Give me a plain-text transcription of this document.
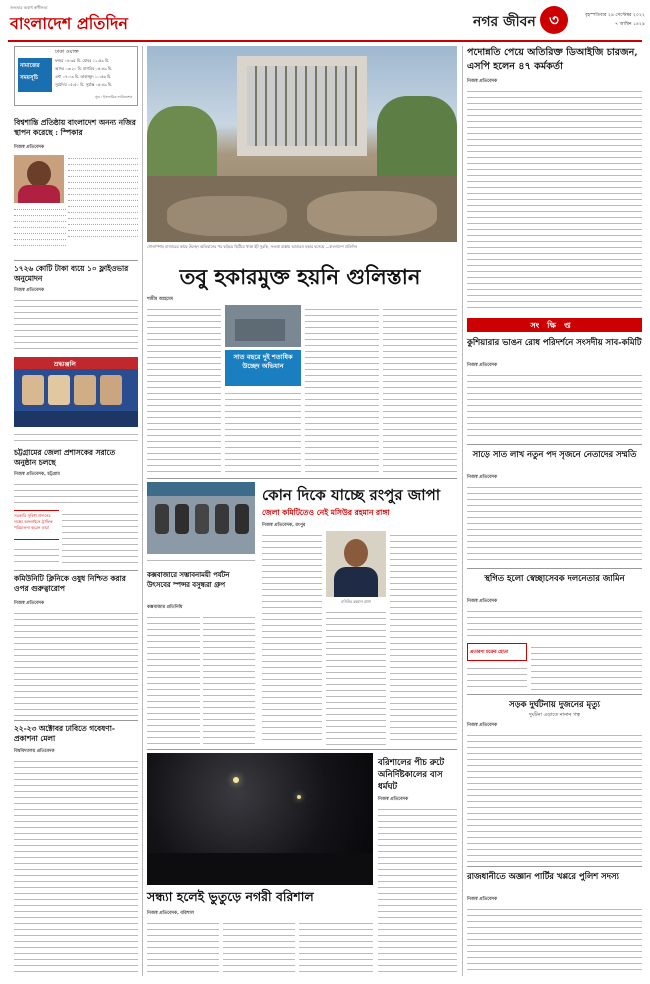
জনতার অবাধ স্বাধীনতা
বাংলাদেশ প্রতিদিন	নগর জীবন ৩	বৃহস্পতিবার ২৯ সেপ্টেম্বর ২০২২
৭ আশ্বিন ১৪২৯
ঢাকা ওয়াক্ত
নামাজের
সময়সূচি
ফজর ০৪:৩৫ মি. যোহর ১১:৫৯ মি.
আসর ০৩:২০ মি. মাগরিব ০৫:৪৯ মি.
এশা ০৭:০৩ মি. তাহাজ্জুদ ১০:৫৬ মি.
সূর্যোদয় ০৫:৫০ মি. সূর্যাস্ত ০৫:৪৯ মি.
সূত্র : ইসলামিক ফাউন্ডেশন
বিশ্বশান্তি প্রতিষ্ঠায় বাংলাদেশ অনন্য নজির স্থাপন করেছে : স্পিকার
নিজস্ব প্রতিবেদক
১৭২৬ কোটি টাকা ব্যয়ে ১০ ফ্লাইওভার অনুমোদন
নিজস্ব প্রতিবেদক
শ্রদ্ধাঞ্জলি
চট্টগ্রামের জেলা প্রশাসকের সরাতে অনুষ্ঠান চলছে
নিজস্ব প্রতিবেদক, চট্টগ্রাম
সরকারি সুবিধা প্রদানের লক্ষ্যে অনলাইনে ট্রাফিক পরিচালনা করেন তারা
কমিউনিটি ক্লিনিকে ওষুধ নিশ্চিত করার ওপর গুরুত্বারোপ
নিজস্ব প্রতিবেদক
২২-২৩ অক্টোবর ঢাবিতে গবেষণা-প্রকাশনা মেলা
বিশ্ববিদ্যালয় প্রতিবেদক
গোলাপশাহ মাজারের কাছে উচ্ছেদ অভিযানের পর ছড়িয়ে ছিটিয়ে থাকা ইট সুরকি, সংলগ্ন রাস্তায় আবারও হকার বসেছে —বাংলাদেশ প্রতিদিন
তবু হকারমুক্ত হয়নি গুলিস্তান
শামীম আহমেদ
সাত বছরে দুই শতাধিক উচ্ছেদ অভিযান
কক্সবাজারে সম্ভাবনাময়ী পর্যটন উৎসবের স্পন্সর বসুন্ধরা গ্রুপ
কক্সবাজার প্রতিনিধি
কোন দিকে যাচ্ছে রংপুর জাপা
জেলা কমিটিতেও নেই মসিউর রহমান রাঙ্গা
নিজস্ব প্রতিবেদক, রংপুর
মসিউর রহমান রাঙ্গা
সন্ধ্যা হলেই ভুতুড়ে নগরী বরিশাল
নিজস্ব প্রতিবেদক, বরিশাল
বরিশালের পীচ রুটে অনির্দিষ্টকালের বাস ধর্মঘট
নিজস্ব প্রতিবেদক
পদোন্নতি পেয়ে অতিরিক্ত ডিআইজি চারজন, এসপি হলেন ৪৭ কর্মকর্তা
নিজস্ব প্রতিবেদক
সংক্ষিপ্ত
কুশিয়ারার ভাঙন রোধ পরিদর্শনে সংসদীয় সাব-কমিটি
নিজস্ব প্রতিবেদক
সাড়ে সাত লাখ নতুন পদ সৃজনে নেতাদের সম্মতি
নিজস্ব প্রতিবেদক
স্থগিত হলো স্বেচ্ছাসেবক দলনেতার জামিন
নিজস্ব প্রতিবেদক
প্রতারণা চক্রের হোতা
সড়ক দুর্ঘটনায় দুজনের মৃত্যু
দুর্ঘটনা এড়াতে নানান গত্ব
নিজস্ব প্রতিবেদক
রাজধানীতে অজ্ঞান পার্টির খপ্পরে পুলিশ সদস্য
নিজস্ব প্রতিবেদক
